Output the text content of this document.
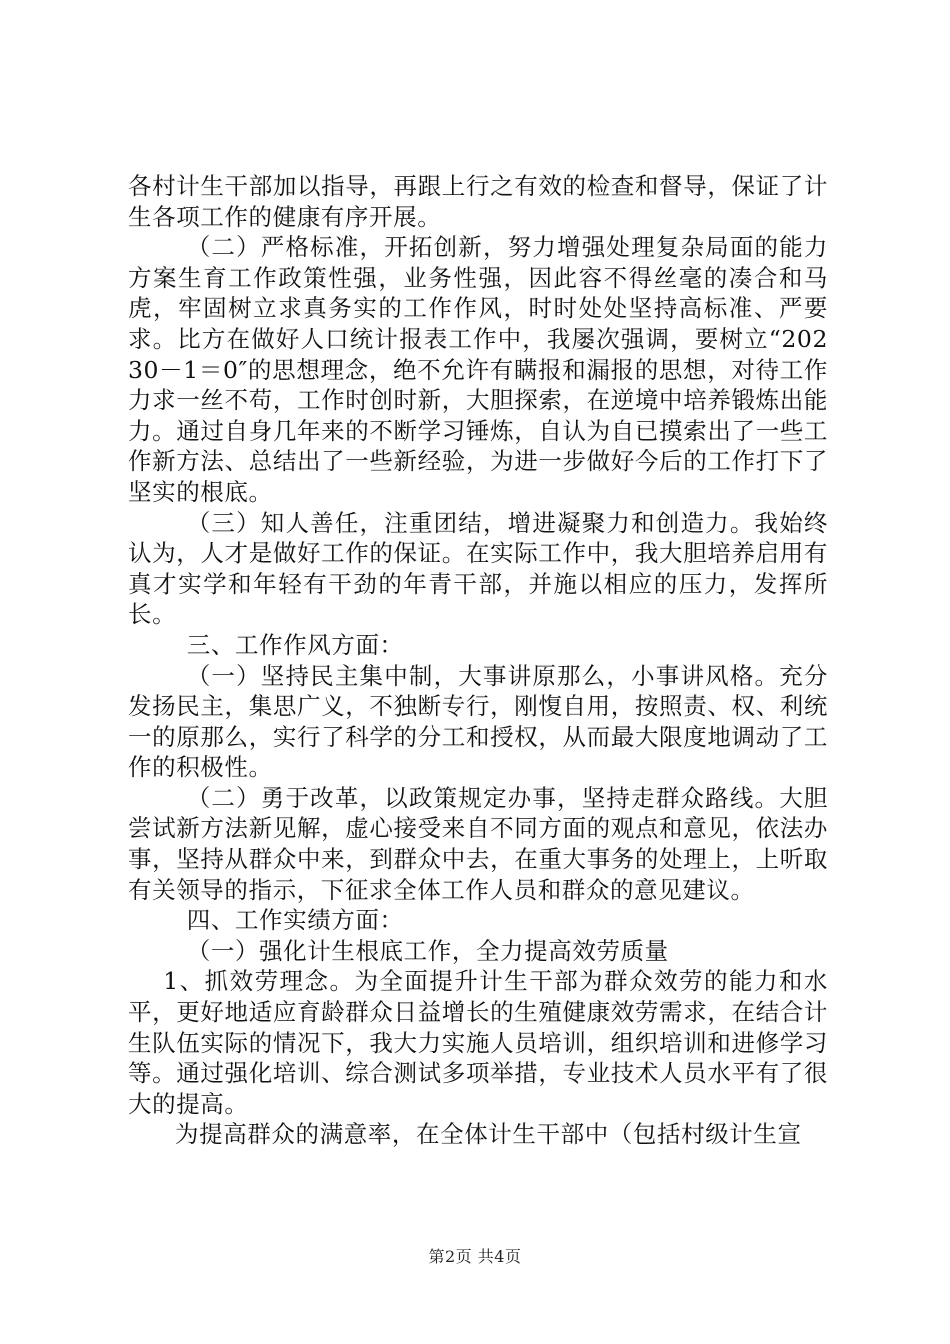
各村计生干部加以指导，再跟上行之有效的检查和督导，保证了计生各项工作的健康有序开展。

（二）严格标准，开拓创新，努力增强处理复杂局面的能力方案生育工作政策性强，业务性强，因此容不得丝毫的凑合和马虎，牢固树立求真务实的工作作风，时时处处坚持高标准、严要求。比方在做好人口统计报表工作中，我屡次强调，要树立“20230－1＝0″的思想理念，绝不允许有瞒报和漏报的思想，对待工作力求一丝不苟，工作时创时新，大胆探索，在逆境中培养锻炼出能力。通过自身几年来的不断学习锤炼，自认为自已摸索出了一些工作新方法、总结出了一些新经验，为进一步做好今后的工作打下了坚实的根底。

（三）知人善任，注重团结，增进凝聚力和创造力。我始终认为，人才是做好工作的保证。在实际工作中，我大胆培养启用有真才实学和年轻有干劲的年青干部，并施以相应的压力，发挥所长。

三、工作作风方面：

（一）坚持民主集中制，大事讲原那么，小事讲风格。充分发扬民主，集思广义，不独断专行，刚愎自用，按照责、权、利统一的原那么，实行了科学的分工和授权，从而最大限度地调动了工作的积极性。

（二）勇于改革，以政策规定办事，坚持走群众路线。大胆尝试新方法新见解，虚心接受来自不同方面的观点和意见，依法办事，坚持从群众中来，到群众中去，在重大事务的处理上，上听取有关领导的指示，下征求全体工作人员和群众的意见建议。

四、工作实绩方面：

（一）强化计生根底工作，全力提高效劳质量

1、抓效劳理念。为全面提升计生干部为群众效劳的能力和水平，更好地适应育龄群众日益增长的生殖健康效劳需求，在结合计生队伍实际的情况下，我大力实施人员培训，组织培训和进修学习等。通过强化培训、综合测试多项举措，专业技术人员水平有了很大的提高。

为提高群众的满意率，在全体计生干部中（包括村级计生宣

第2页 共4页
